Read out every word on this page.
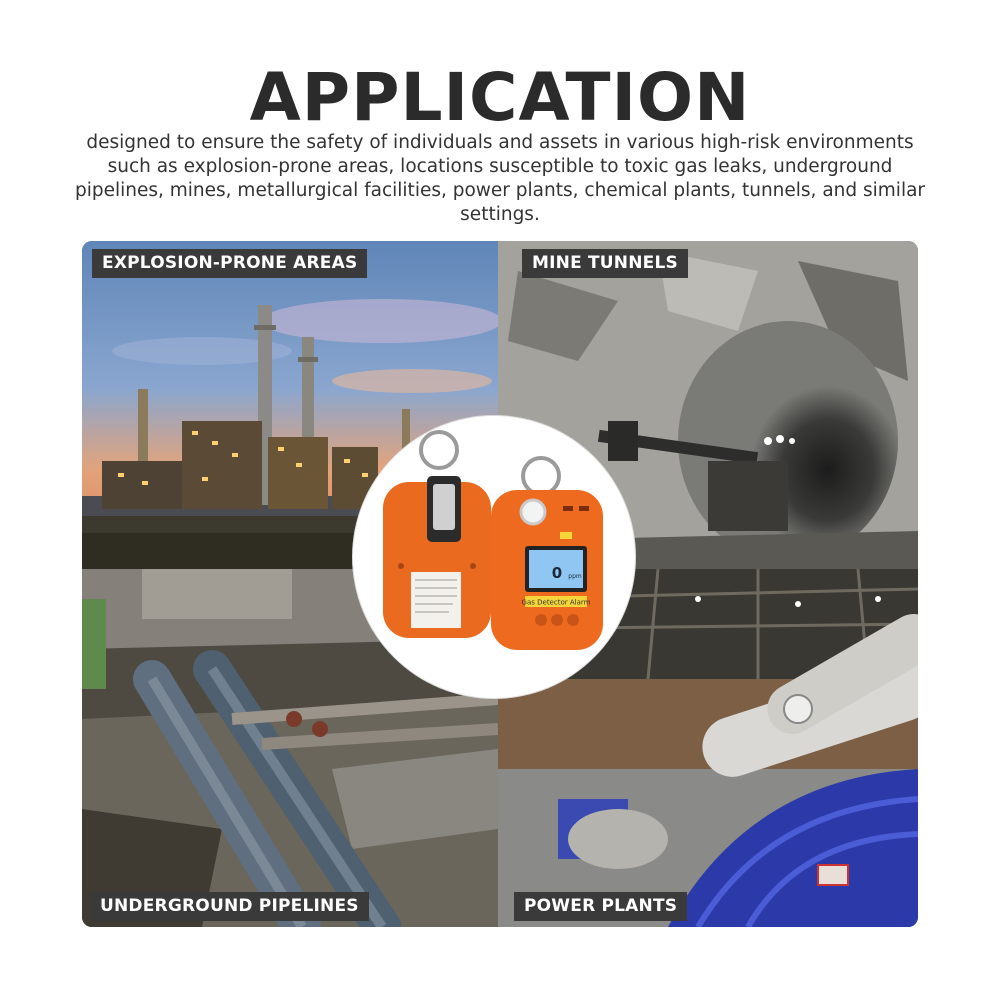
APPLICATION
designed to ensure the safety of individuals and assets in various high-risk environments such as explosion-prone areas, locations susceptible to toxic gas leaks, underground pipelines, mines, metallurgical facilities, power plants, chemical plants, tunnels, and similar settings.
EXPLOSION-PRONE AREAS	MINE TUNNELS
UNDERGROUND PIPELINES	POWER PLANTS
0 ppm
Gas Detector Alarm
